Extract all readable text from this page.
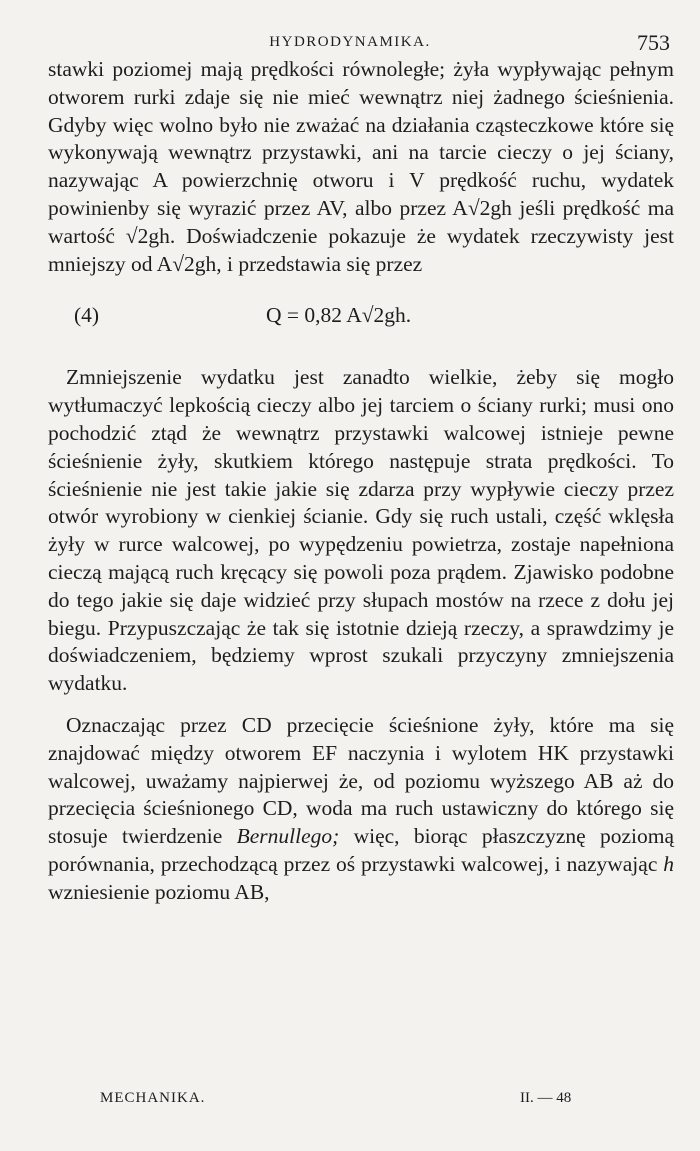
HYDRODYNAMIKA.	753

stawki poziomej mają prędkości równoległe; żyła wypływając pełnym otworem rurki zdaje się nie mieć wewnątrz niej żadnego ścieśnienia. Gdyby więc wolno było nie zważać na działania cząsteczkowe które się wykonywają wewnątrz przystawki, ani na tarcie cieczy o jej ściany, nazywając A powierzchnię otworu i V prędkość ruchu, wydatek powinienby się wyrazić przez AV, albo przez A√2gh jeśli prędkość ma wartość √2gh. Doświadczenie pokazuje że wydatek rzeczywisty jest mniejszy od A√2gh, i przedstawia się przez

(4)	Q = 0,82 A√2gh.

Zmniejszenie wydatku jest zanadto wielkie, żeby się mogło wytłumaczyć lepkością cieczy albo jej tarciem o ściany rurki; musi ono pochodzić ztąd że wewnątrz przystawki walcowej istnieje pewne ścieśnienie żyły, skutkiem którego następuje strata prędkości. To ścieśnienie nie jest takie jakie się zdarza przy wypływie cieczy przez otwór wyrobiony w cienkiej ścianie. Gdy się ruch ustali, część wklęsła żyły w rurce walcowej, po wypędzeniu powietrza, zostaje napełniona cieczą mającą ruch kręcący się powoli poza prądem. Zjawisko podobne do tego jakie się daje widzieć przy słupach mostów na rzece z dołu jej biegu. Przypuszczając że tak się istotnie dzieją rzeczy, a sprawdzimy je doświadczeniem, będziemy wprost szukali przyczyny zmniejszenia wydatku.

Oznaczając przez CD przecięcie ścieśnione żyły, które ma się znajdować między otworem EF naczynia i wylotem HK przystawki walcowej, uważamy najpierwej że, od poziomu wyższego AB aż do przecięcia ścieśnionego CD, woda ma ruch ustawiczny do którego się stosuje twierdzenie Bernullego; więc, biorąc płaszczyznę poziomą porównania, przechodzącą przez oś przystawki walcowej, i nazywając h wzniesienie poziomu AB,

MECHANIKA.	II. — 48
